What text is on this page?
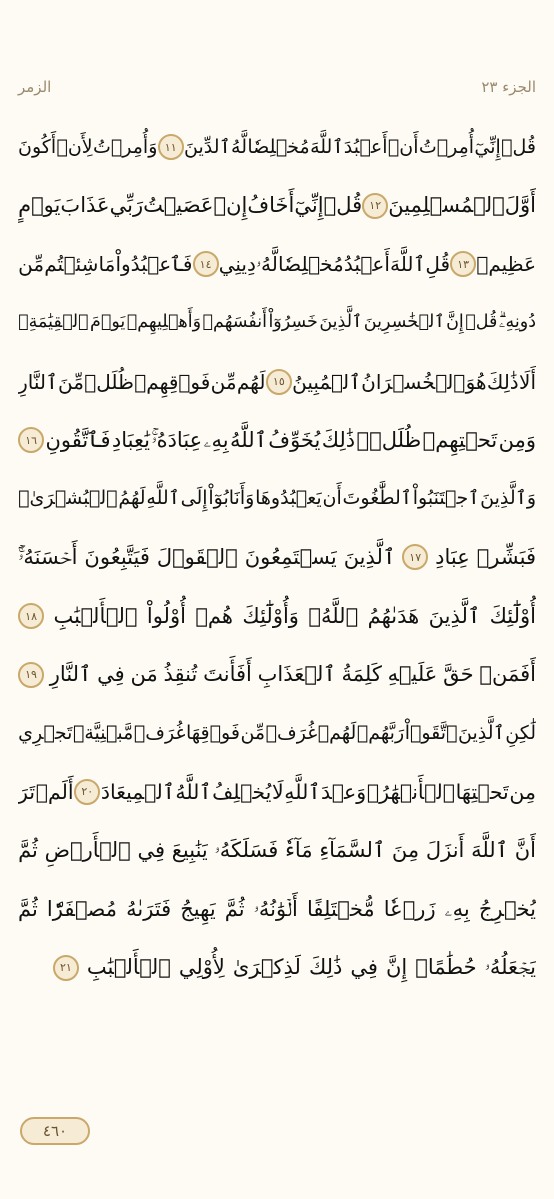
الجزء ٢٣
الزمر
قُلۡ
إِنِّيٓ
أُمِرۡتُ
أَنۡ
أَعۡبُدَ
ٱللَّهَ
مُخۡلِصٗا
لَّهُ
ٱلدِّينَ
١١
وَأُمِرۡتُ
لِأَنۡ
أَكُونَ
أَوَّلَ
ٱلۡمُسۡلِمِينَ
١٢
قُلۡ
إِنِّيٓ
أَخَافُ
إِنۡ
عَصَيۡتُ
رَبِّي
عَذَابَ
يَوۡمٍ
عَظِيمٖ
١٣
قُلِ
ٱللَّهَ
أَعۡبُدُ
مُخۡلِصٗا
لَّهُۥ
دِينِي
١٤
فَٱعۡبُدُواْ
مَا
شِئۡتُم
مِّن
دُونِهِۦۗ
قُلۡ
إِنَّ
ٱلۡخَٰسِرِينَ
ٱلَّذِينَ
خَسِرُوٓاْ
أَنفُسَهُمۡ
وَأَهۡلِيهِمۡ
يَوۡمَ
ٱلۡقِيَٰمَةِۗ
أَلَا
ذَٰلِكَ
هُوَ
ٱلۡخُسۡرَانُ
ٱلۡمُبِينُ
١٥
لَهُم
مِّن
فَوۡقِهِمۡ
ظُلَلٞ
مِّنَ
ٱلنَّارِ
وَمِن
تَحۡتِهِمۡ
ظُلَلٞۚ
ذَٰلِكَ
يُخَوِّفُ
ٱللَّهُ
بِهِۦ
عِبَادَهُۥۚ
يَٰعِبَادِ
فَٱتَّقُونِ
١٦
وَٱلَّذِينَ
ٱجۡتَنَبُواْ
ٱلطَّٰغُوتَ
أَن
يَعۡبُدُوهَا
وَأَنَابُوٓاْ
إِلَى
ٱللَّهِ
لَهُمُ
ٱلۡبُشۡرَىٰۚ
فَبَشِّرۡ
عِبَادِ
١٧
ٱلَّذِينَ
يَسۡتَمِعُونَ
ٱلۡقَوۡلَ
فَيَتَّبِعُونَ
أَحۡسَنَهُۥٓۚ
أُوْلَٰٓئِكَ
ٱلَّذِينَ
هَدَىٰهُمُ
ٱللَّهُۖ
وَأُوْلَٰٓئِكَ
هُمۡ
أُوْلُواْ
ٱلۡأَلۡبَٰبِ
١٨
أَفَمَنۡ
حَقَّ
عَلَيۡهِ
كَلِمَةُ
ٱلۡعَذَابِ
أَفَأَنتَ
تُنقِذُ
مَن
فِي
ٱلنَّارِ
١٩
لَٰكِنِ
ٱلَّذِينَ
ٱتَّقَوۡاْ
رَبَّهُمۡ
لَهُمۡ
غُرَفٞ
مِّن
فَوۡقِهَا
غُرَفٞ
مَّبۡنِيَّةٞ
تَجۡرِي
مِن
تَحۡتِهَا
ٱلۡأَنۡهَٰرُۖ
وَعۡدَ
ٱللَّهِ
لَا
يُخۡلِفُ
ٱللَّهُ
ٱلۡمِيعَادَ
٢٠
أَلَمۡ
تَرَ
أَنَّ
ٱللَّهَ
أَنزَلَ
مِنَ
ٱلسَّمَآءِ
مَآءٗ
فَسَلَكَهُۥ
يَنَٰبِيعَ
فِي
ٱلۡأَرۡضِ
ثُمَّ
يُخۡرِجُ
بِهِۦ
زَرۡعٗا
مُّخۡتَلِفًا
أَلۡوَٰنُهُۥ
ثُمَّ
يَهِيجُ
فَتَرَىٰهُ
مُصۡفَرّٗا
ثُمَّ
يَجۡعَلُهُۥ
حُطَٰمًاۚ
إِنَّ
فِي
ذَٰلِكَ
لَذِكۡرَىٰ
لِأُوْلِي
ٱلۡأَلۡبَٰبِ
٢١
٤٦٠
